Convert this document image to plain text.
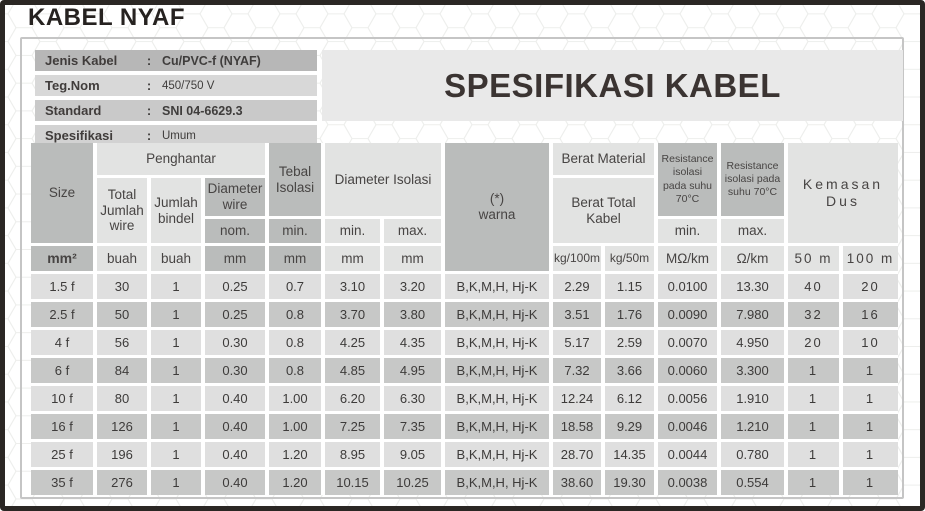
KABEL NYAF
Jenis Kabel	: Cu/PVC-f (NYAF)
Teg.Nom	: 450/750 V
Standard	: SNI 04-6629.3
Spesifikasi	: Umum
SPESIFIKASI KABEL
Size
Penghantar
Total Jumlah wire
Jumlah bindel
Diameter wire
nom.
Tebal Isolasi
min.
Diameter Isolasi
min.	max.
(*)
warna
Berat Material
Berat Total Kabel
Resistance isolasi pada suhu 70°C
min.
Resistance isolasi pada suhu 70°C
max.
Kemasan Dus
mm²	buah	buah	mm	mm	mm	mm	kg/100m kg/50m	MΩ/km	Ω/km	50 m	100 m
1.5 f	30	1	0.25	0.7	3.10	3.20	B,K,M,H, Hj-K	2.29	1.15	0.0100	13.30	40	20
2.5 f	50	1	0.25	0.8	3.70	3.80	B,K,M,H, Hj-K	3.51	1.76	0.0090	7.980	32	16
4 f	56	1	0.30	0.8	4.25	4.35	B,K,M,H, Hj-K	5.17	2.59	0.0070	4.950	20	10
6 f	84	1	0.30	0.8	4.85	4.95	B,K,M,H, Hj-K	7.32	3.66	0.0060	3.300	1	1
10 f	80	1	0.40	1.00	6.20	6.30	B,K,M,H, Hj-K	12.24	6.12	0.0056	1.910	1	1
16 f	126	1	0.40	1.00	7.25	7.35	B,K,M,H, Hj-K	18.58	9.29	0.0046	1.210	1	1
25 f	196	1	0.40	1.20	8.95	9.05	B,K,M,H, Hj-K	28.70	14.35	0.0044	0.780	1	1
35 f	276	1	0.40	1.20	10.15	10.25	B,K,M,H, Hj-K	38.60	19.30	0.0038	0.554	1	1
